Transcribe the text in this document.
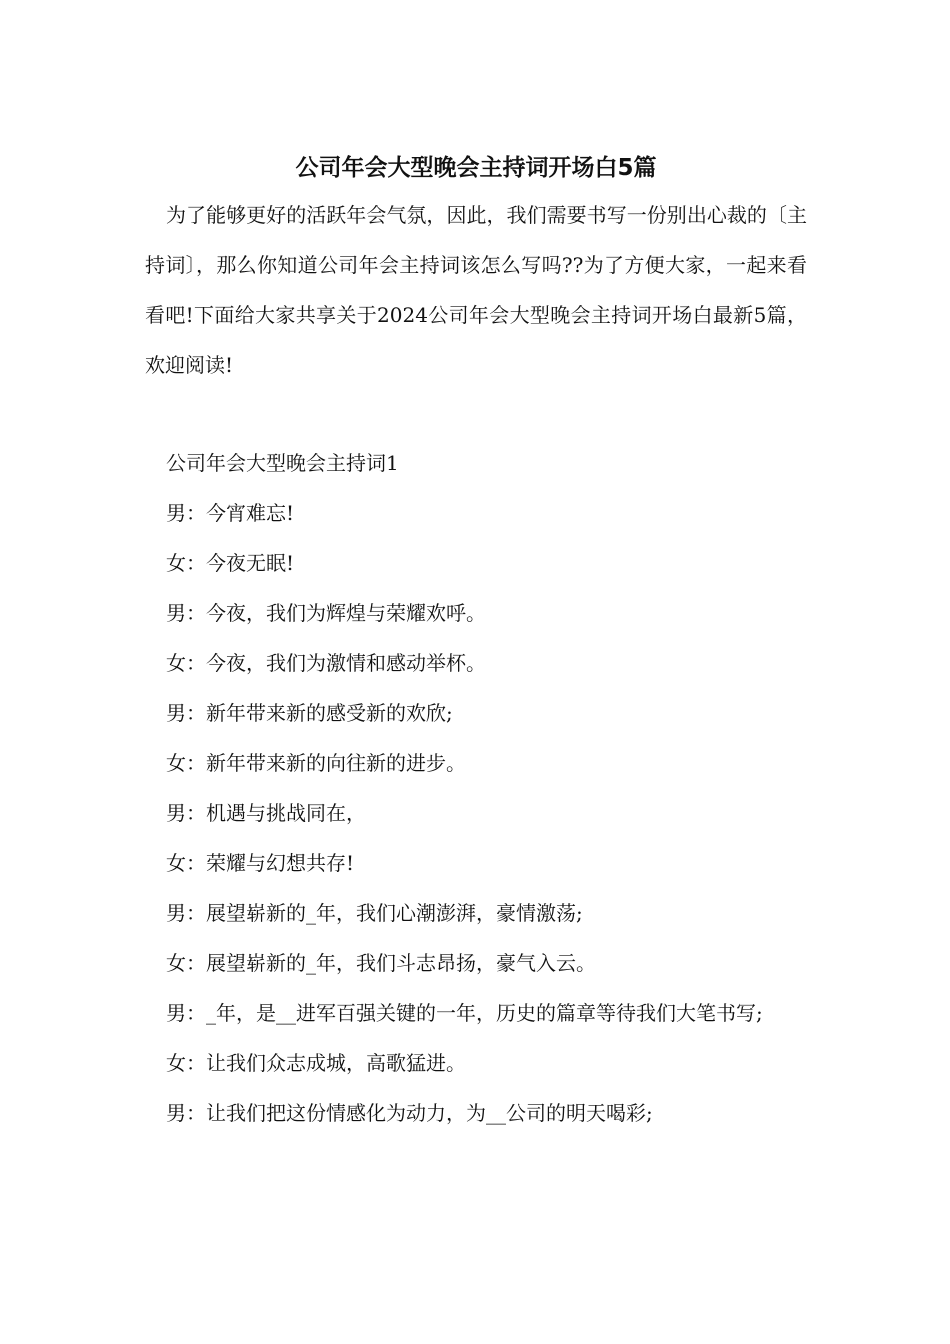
公司年会大型晚会主持词开场白5篇

为了能够更好的活跃年会气氛，因此，我们需要书写一份别出心裁的〔主持词〕，那么你知道公司年会主持词该怎么写吗??为了方便大家，一起来看看吧!下面给大家共享关于2024公司年会大型晚会主持词开场白最新5篇，欢迎阅读!

公司年会大型晚会主持词1

男：今宵难忘!

女：今夜无眠!

男：今夜，我们为辉煌与荣耀欢呼。

女：今夜，我们为激情和感动举杯。

男：新年带来新的感受新的欢欣;

女：新年带来新的向往新的进步。

男：机遇与挑战同在，

女：荣耀与幻想共存!

男：展望崭新的_年，我们心潮澎湃，豪情激荡;

女：展望崭新的_年，我们斗志昂扬，豪气入云。

男：_年，是__进军百强关键的一年，历史的篇章等待我们大笔书写;

女：让我们众志成城，高歌猛进。

男：让我们把这份情感化为动力，为__公司的明天喝彩;
